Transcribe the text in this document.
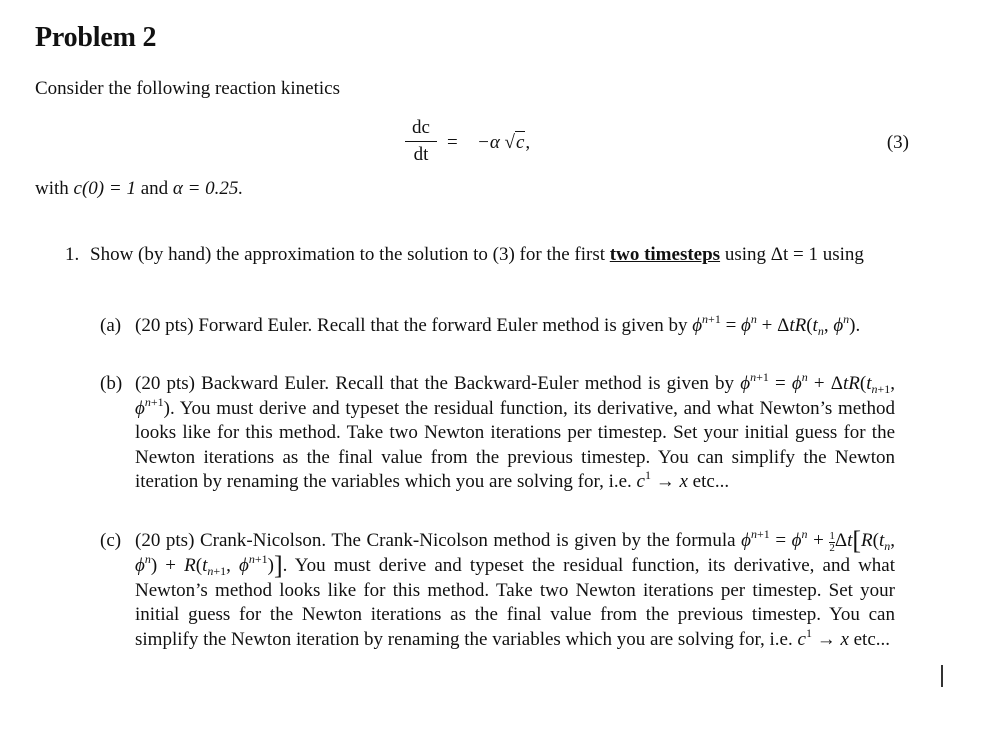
Problem 2
Consider the following reaction kinetics
dc
dt
= −α √c,	(3)
with c(0) = 1 and α = 0.25.
1. Show (by hand) the approximation to the solution to (3) for the first two timesteps using Δt = 1 using
(a) (20 pts) Forward Euler. Recall that the forward Euler method is given by $\phi^{n+1} = \phi^n + \Delta tR(t_n$, $\phi^n$).
(b) (20 pts) Backward Euler. Recall that the Backward-Euler method is given by $\phi^{n+1} = \phi^n + \Delta tR(t_{n+1}$, $\phi^{n+1}$). You must derive and typeset the residual function, its derivative, and what Newton’s method looks like for this method. Take two Newton iterations per timestep. Set your initial guess for the Newton iterations as the final value from the previous timestep. You can simplify the Newton iteration by renaming the variables which you are solving for, i.e. $c^1 \to x$ etc...
(c) (20 pts) Crank-Nicolson. The Crank-Nicolson method is given by the formula $\phi^{n+1} = \phi^n + \frac{1}{2} \Delta t[R(t_n$, $\phi^n) + R(t_{n+1}$, $\phi^{n+1}$)]. You must derive and typeset the residual function, its derivative, and what Newton’s method looks like for this method. Take two Newton iterations per timestep. Set your initial guess for the Newton iterations as the final value from the previous timestep. You can simplify the Newton iteration by renaming the variables which you are solving for, i.e. $c^1 \to x$ etc...
